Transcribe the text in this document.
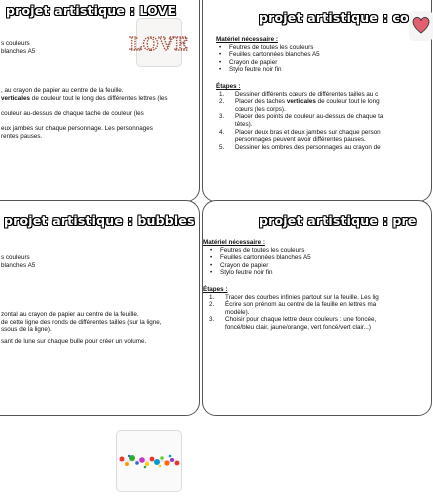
projet artistique : LOVE
LOVE
s couleurs
blanches A5
, au crayon de papier au centre de la feuille.
verticales de couleur tout le long des différentes lettres (les
couleur au-dessus de chaque tache de couleur (les
eux jambes sur chaque personnage. Les personnages
rentes pauses.
projet artistique : co
Matériel nécessaire :
• Feutres de toutes les couleurs
• Feuilles cartonnées blanches A5
• Crayon de papier
• Stylo feutre noir fin
Étapes :
1. Dessiner différents cœurs de différentes tailles au c
2. Placer des taches verticales de couleur tout le long
cœurs (les corps).
3. Placer des points de couleur au-dessus de chaque ta
têtes).
4. Placer deux bras et deux jambes sur chaque person
personnages peuvent avoir différentes pauses.
5. Dessiner les ombres des personnages au crayon de
projet artistique : bubbles
s couleurs
blanches A5
zontal au crayon de papier au centre de la feuille.
de cette ligne des ronds de différentes tailles (sur la ligne,
ssous de la ligne).
sant de lune sur chaque bulle pour créer un volume.
projet artistique : pre
Matériel nécessaire :
• Feutres de toutes les couleurs
• Feuilles cartonnées blanches A5
• Crayon de papier
• Stylo feutre noir fin
Étapes :
1. Tracer des courbes infinies partout sur la feuille. Les lig
2. Écrire son prénom au centre de la feuille en lettres ma
modèle).
3. Choisir pour chaque lettre deux couleurs : une foncée,
foncé/bleu clair, jaune/orange, vert foncé/vert clair...)
